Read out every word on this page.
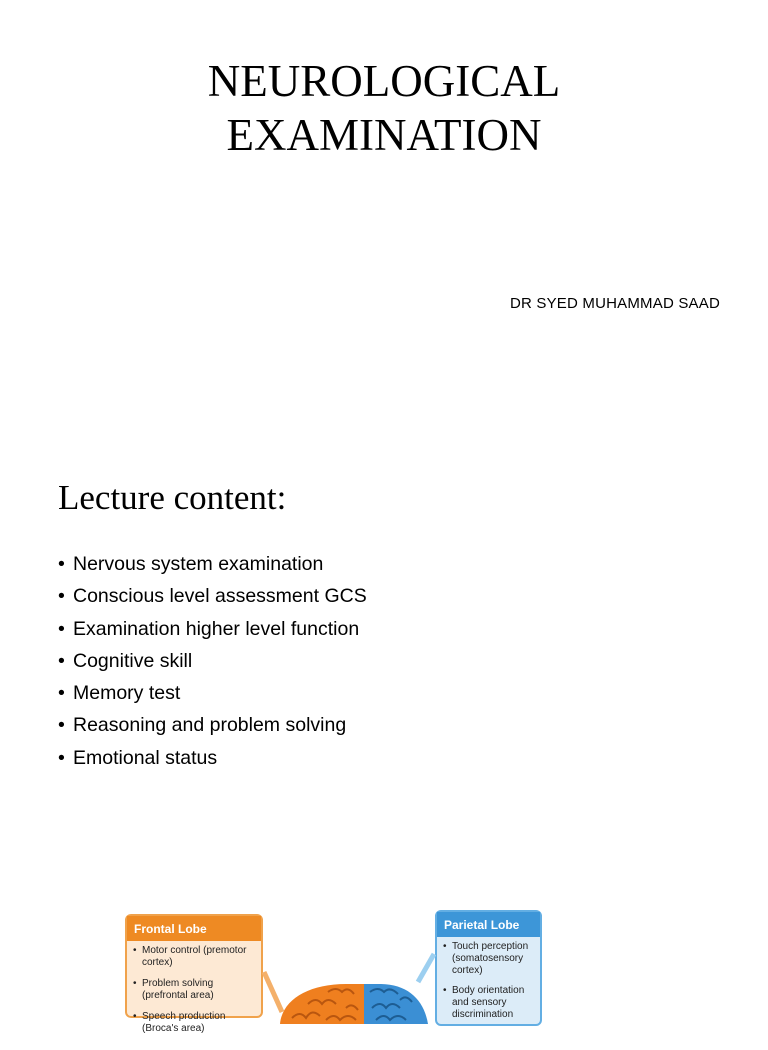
NEUROLOGICAL
EXAMINATION
DR SYED MUHAMMAD SAAD
Lecture content:
• Nervous system examination
• Conscious level assessment GCS
• Examination higher level function
• Cognitive skill
• Memory test
• Reasoning and problem solving
• Emotional status
Frontal Lobe
• Motor control (premotor cortex)
• Problem solving (prefrontal area)
• Speech production (Broca's area)
Parietal Lobe
• Touch perception (somatosensory cortex)
• Body orientation and sensory discrimination
